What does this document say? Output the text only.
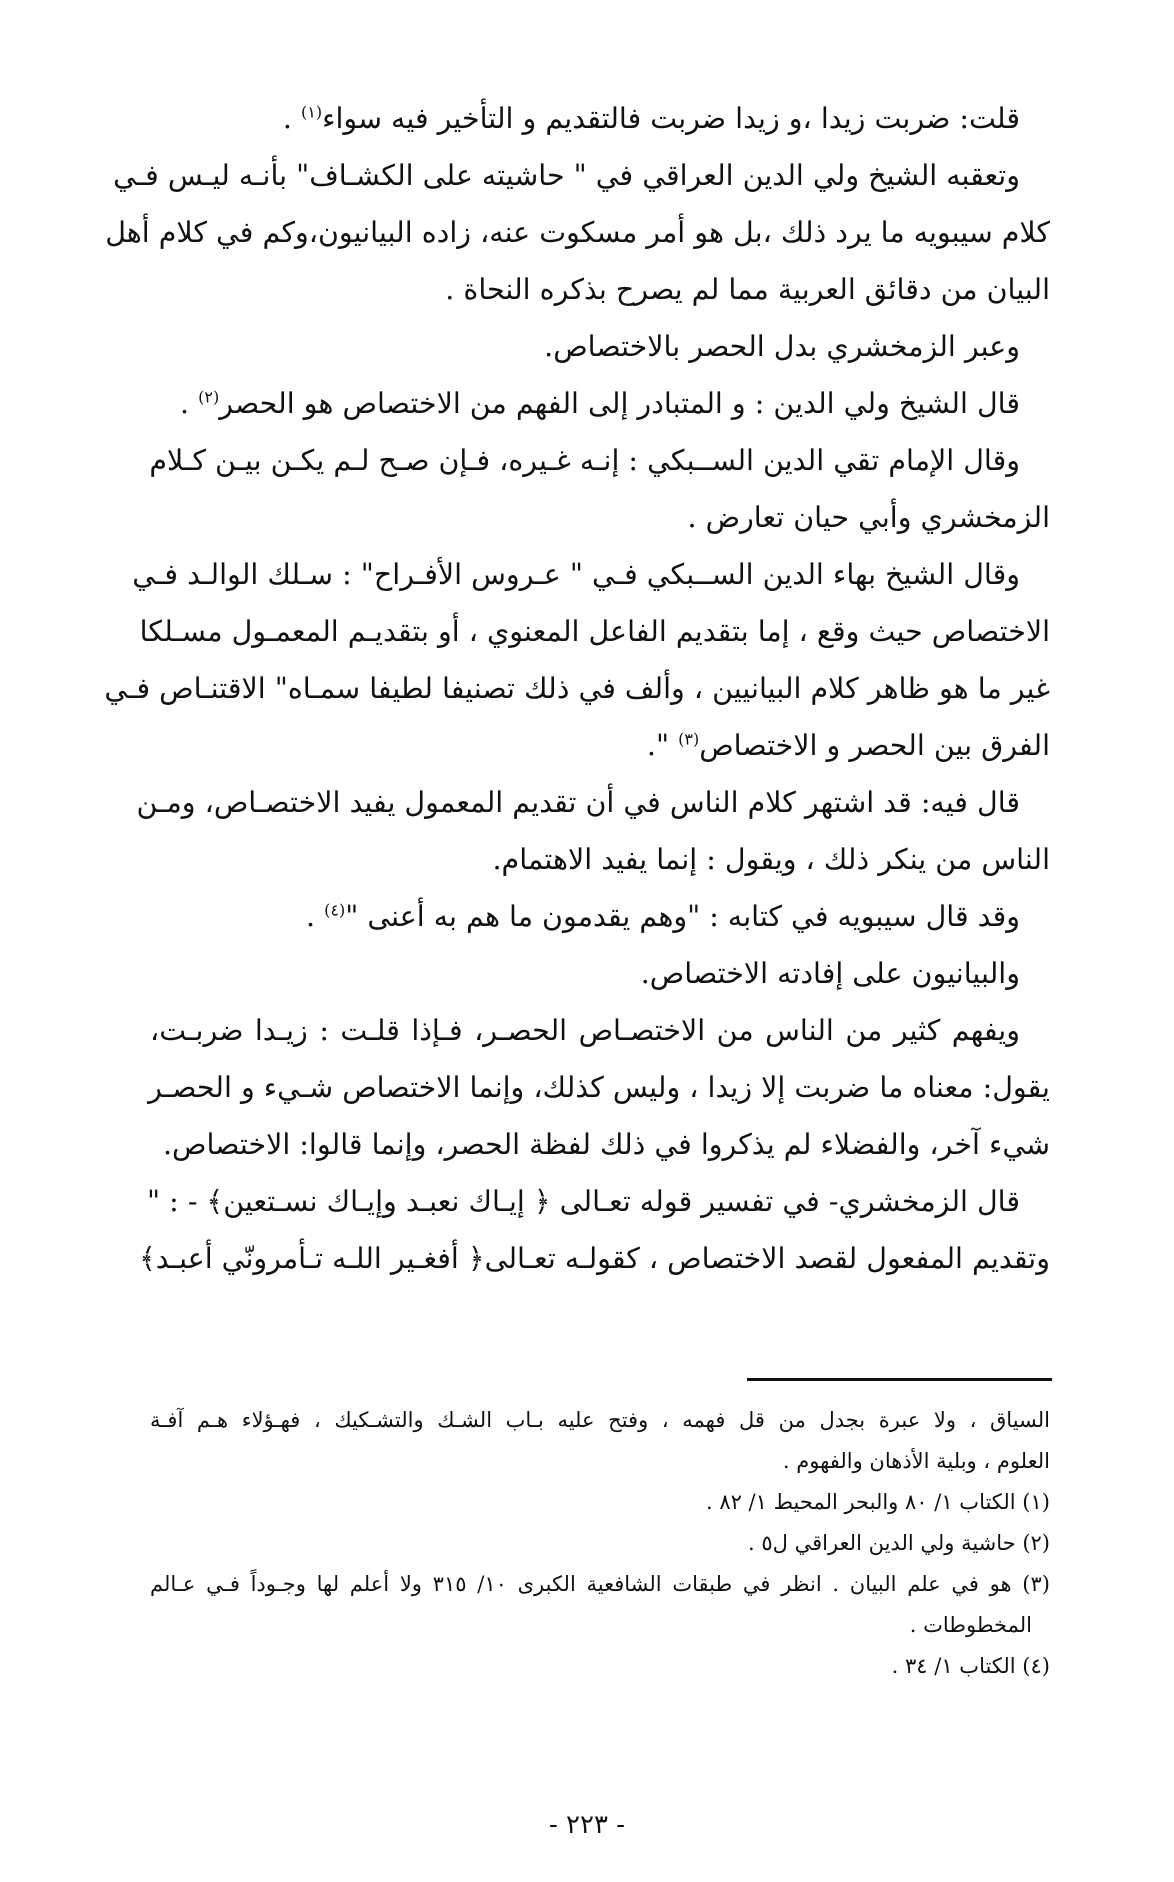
قلت: ضربت زيدا ،و زيدا ضربت فالتقديم و التأخير فيه سواء$^{(١)}$ .

وتعقبه الشيخ ولي الدين العراقي في " حاشيته على الكشـاف" بأنـه ليـس فـي
كلام سيبويه ما يرد ذلك ،بل هو أمر مسكوت عنه، زاده البيانيون،وكم في كلام أهل
البيان من دقائق العربية مما لم يصرح بذكره النحاة .

وعبر الزمخشري بدل الحصر بالاختصاص.

قال الشيخ ولي الدين : و المتبادر إلى الفهم من الاختصاص هو الحصر$^{(٢)}$ .

وقال الإمام تقي الدين الســبكي : إنـه غـيره، فـإن صـح لـم يكـن بيـن كـلام
الزمخشري وأبي حيان تعارض .
وقال الشيخ بهاء الدين الســبكي فـي " عـروس الأفـراح" : سـلك الوالـد فـي
الاختصاص حيث وقع ، إما بتقديم الفاعل المعنوي ، أو بتقديـم المعمـول مسـلكا
غير ما هو ظاهر كلام البيانيين ، وألف في ذلك تصنيفا لطيفا سمـاه" الاقتنـاص فـي
الفرق بين الحصر و الاختصاص$^{(٣)}$ ".
قال فيه: قد اشتهر كلام الناس في أن تقديم المعمول يفيد الاختصـاص، ومـن
الناس من ينكر ذلك ، ويقول : إنما يفيد الاهتمام.

وقد قال سيبويه في كتابه : "وهم يقدمون ما هم به أعنى "$^{(٤)}$ .

والبيانيون على إفادته الاختصاص.

ويفهم كثير من الناس من الاختصـاص الحصـر، فـإذا قلـت : زيـدا ضربـت،
يقول: معناه ما ضربت إلا زيدا ، وليس كذلك، وإنما الاختصاص شـيء و الحصـر
شيء آخر، والفضلاء لم يذكروا في ذلك لفظة الحصر، وإنما قالوا: الاختصاص.
قال الزمخشري- في تفسير قوله تعـالى ﴿ إيـاك نعبـد وإيـاك نسـتعين﴾ - : "
وتقديم المفعول لقصد الاختصاص ، كقولـه تعـالى﴿ أفغـير اللـه تـأمرونّي أعبـد﴾
السياق ، ولا عبرة بجدل من قل فهمه ، وفتح عليه بـاب الشـك والتشـكيك ، فهـؤلاء هـم آفـة
العلوم ، وبلية الأذهان والفهوم .
(١) الكتاب ١/ ٨٠ والبحر المحيط ١/ ٨٢ .
(٢) حاشية ولي الدين العراقي ل٥ .
(٣) هو في علم البيان . انظر في طبقات الشافعية الكبرى ١٠/ ٣١٥ ولا أعلم لها وجـوداً فـي عـالم
المخطوطات .
(٤) الكتاب ١/ ٣٤ .
- ٢٢٣ -
